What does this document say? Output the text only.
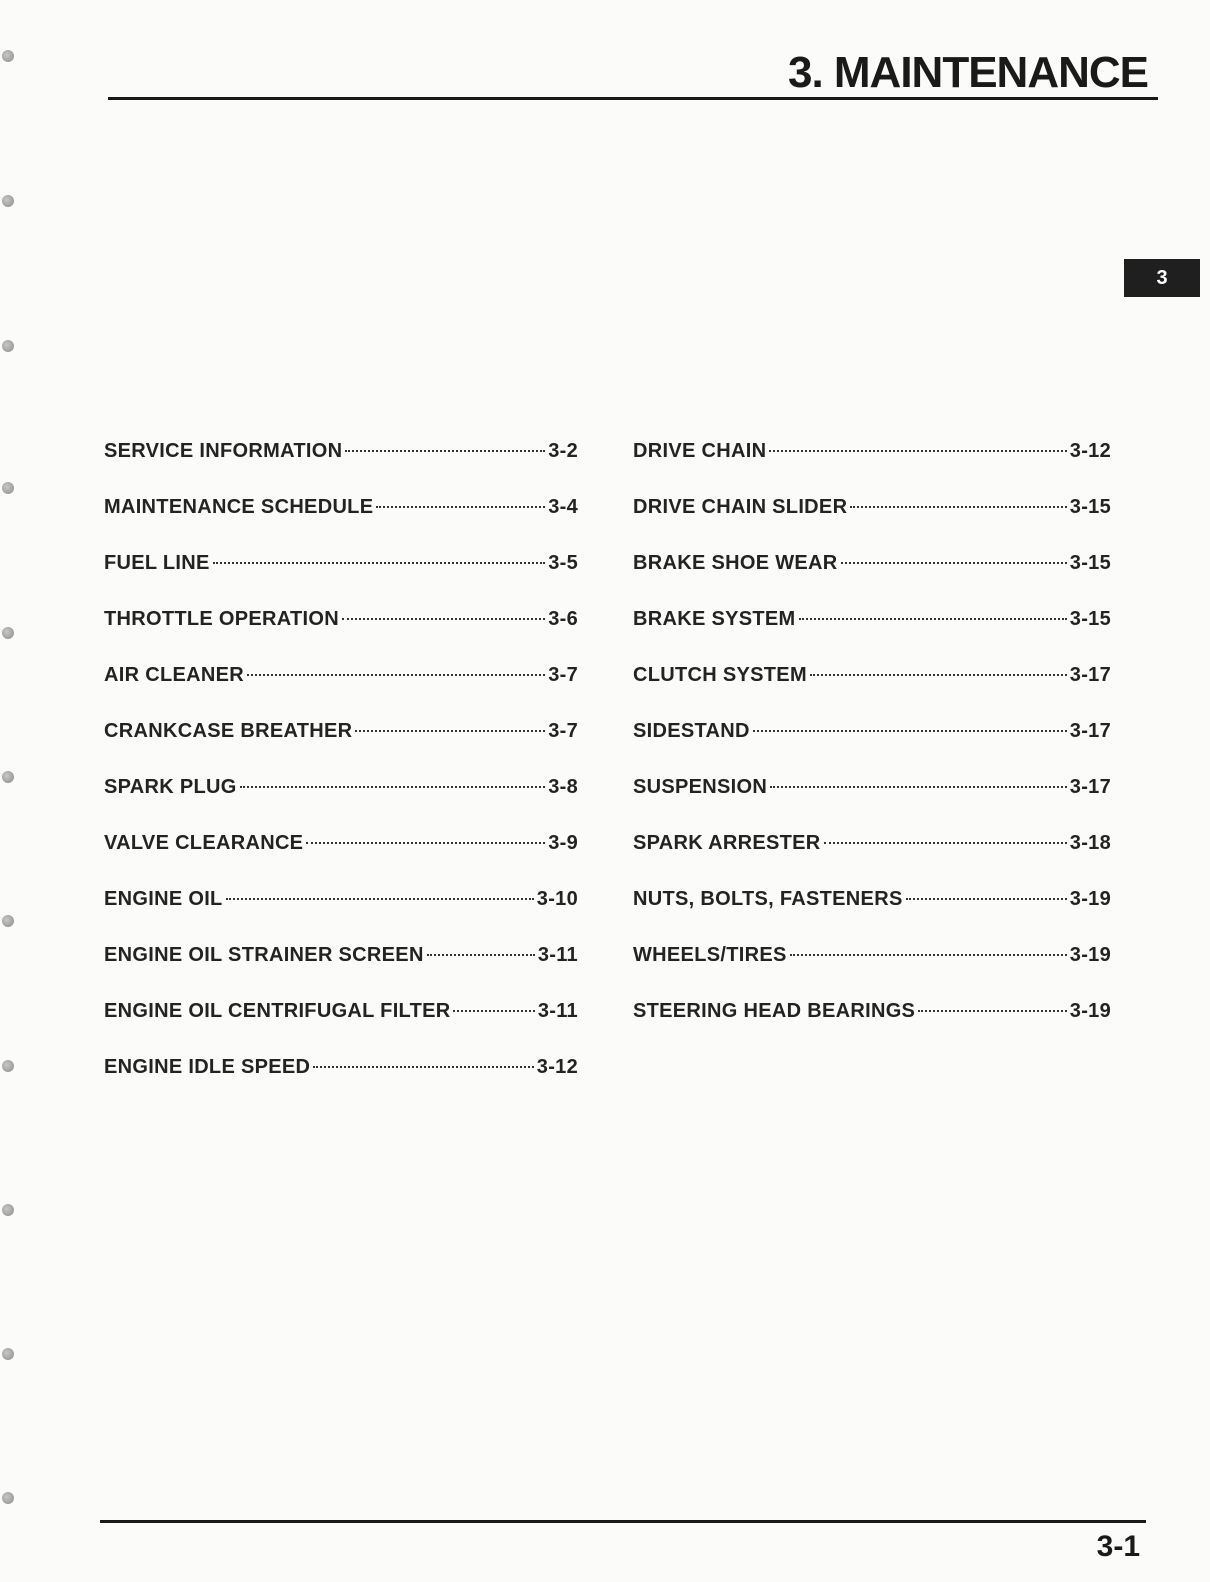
3. MAINTENANCE
3
SERVICE INFORMATION	3-2
MAINTENANCE SCHEDULE	3-4
FUEL LINE	3-5
THROTTLE OPERATION	3-6
AIR CLEANER	3-7
CRANKCASE BREATHER	3-7
SPARK PLUG	3-8
VALVE CLEARANCE	3-9
ENGINE OIL	3-10
ENGINE OIL STRAINER SCREEN	3-11
ENGINE OIL CENTRIFUGAL FILTER	3-11
ENGINE IDLE SPEED	3-12
DRIVE CHAIN	3-12
DRIVE CHAIN SLIDER	3-15
BRAKE SHOE WEAR	3-15
BRAKE SYSTEM	3-15
CLUTCH SYSTEM	3-17
SIDESTAND	3-17
SUSPENSION	3-17
SPARK ARRESTER	3-18
NUTS, BOLTS, FASTENERS	3-19
WHEELS/TIRES	3-19
STEERING HEAD BEARINGS	3-19
3-1
